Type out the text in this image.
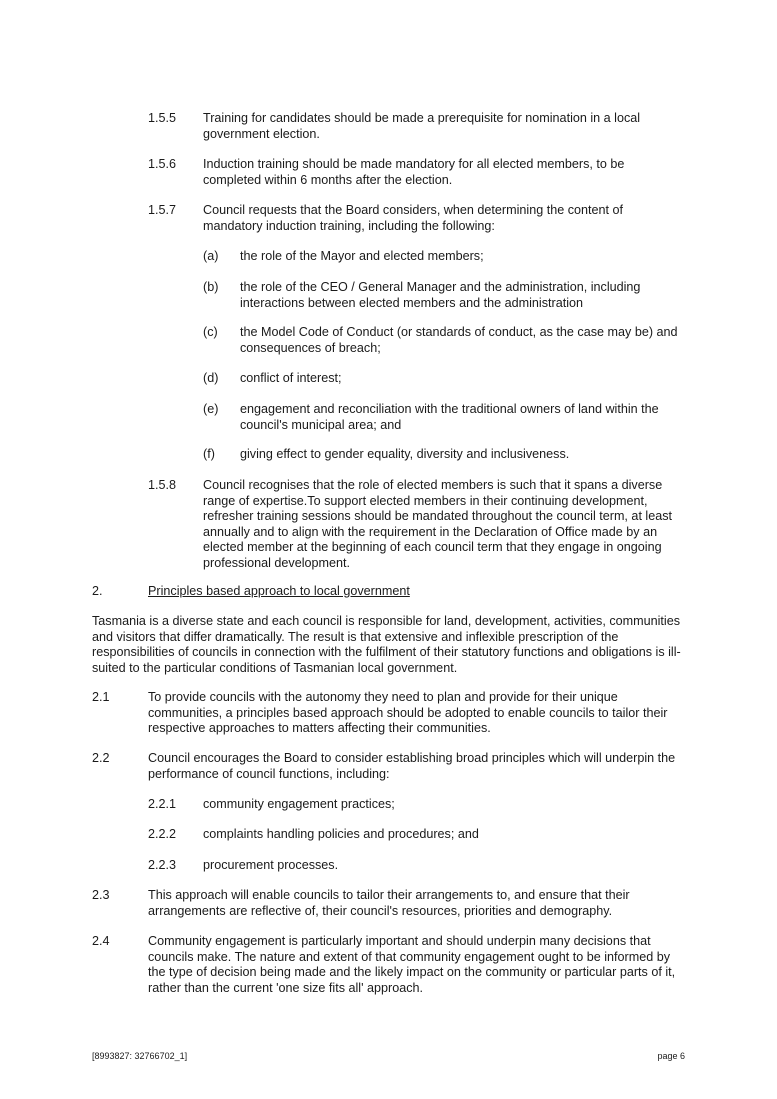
1.5.5 Training for candidates should be made a prerequisite for nomination in a local government election.
1.5.6 Induction training should be made mandatory for all elected members, to be completed within 6 months after the election.
1.5.7 Council requests that the Board considers, when determining the content of mandatory induction training, including the following:
(a) the role of the Mayor and elected members;
(b) the role of the CEO / General Manager and the administration, including interactions between elected members and the administration
(c) the Model Code of Conduct (or standards of conduct, as the case may be) and consequences of breach;
(d) conflict of interest;
(e) engagement and reconciliation with the traditional owners of land within the council's municipal area; and
(f) giving effect to gender equality, diversity and inclusiveness.
1.5.8 Council recognises that the role of elected members is such that it spans a diverse range of expertise.To support elected members in their continuing development, refresher training sessions should be mandated throughout the council term, at least annually and to align with the requirement in the Declaration of Office made by an elected member at the beginning of each council term that they engage in ongoing professional development.
2.	Principles based approach to local government
Tasmania is a diverse state and each council is responsible for land, development, activities, communities and visitors that differ dramatically. The result is that extensive and inflexible prescription of the responsibilities of councils in connection with the fulfilment of their statutory functions and obligations is ill-suited to the particular conditions of Tasmanian local government.
2.1	To provide councils with the autonomy they need to plan and provide for their unique communities, a principles based approach should be adopted to enable councils to tailor their respective approaches to matters affecting their communities.
2.2	Council encourages the Board to consider establishing broad principles which will underpin the performance of council functions, including:
2.2.1 community engagement practices;
2.2.2 complaints handling policies and procedures; and
2.2.3 procurement processes.
2.3	This approach will enable councils to tailor their arrangements to, and ensure that their arrangements are reflective of, their council's resources, priorities and demography.
2.4	Community engagement is particularly important and should underpin many decisions that councils make. The nature and extent of that community engagement ought to be informed by the type of decision being made and the likely impact on the community or particular parts of it, rather than the current 'one size fits all' approach.
[8993827: 32766702_1]	page 6
